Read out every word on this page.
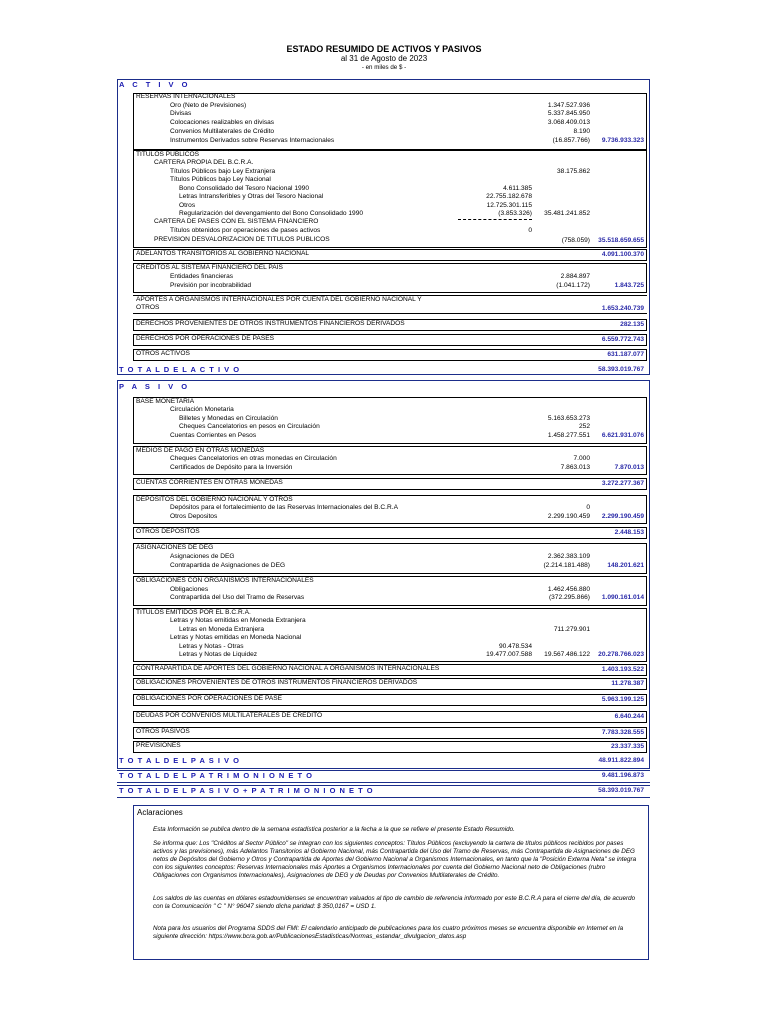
ESTADO RESUMIDO DE ACTIVOS Y PASIVOS
al 31 de Agosto de 2023
- en miles de $ -
A C T I V O
RESERVAS INTERNACIONALES
Oro (Neto de Previsiones)	1.347.527.936
Divisas	5.337.845.950
Colocaciones realizables en divisas	3.068.409.013
Convenios Multilaterales de Crédito	8.190
Instrumentos Derivados sobre Reservas Internacionales	(16.857.766)	9.736.933.323
TITULOS PUBLICOS
CARTERA PROPIA DEL B.C.R.A.
Títulos Públicos bajo Ley Extranjera	38.175.862
Títulos Públicos bajo Ley Nacional
Bono Consolidado del Tesoro Nacional 1990	4.611.385
Letras Intransferibles y Otras del Tesoro Nacional	22.755.182.678
Otros	12.725.301.115
Regularización del devengamiento del Bono Consolidado 1990	(3.853.326)	35.481.241.852
CARTERA DE PASES CON EL SISTEMA FINANCIERO
Títulos obtenidos por operaciones de pases activos	0
PREVISION DESVALORIZACION DE TITULOS PUBLICOS	(758.059)	35.518.659.655
ADELANTOS TRANSITORIOS AL GOBIERNO NACIONAL	4.091.100.370
CREDITOS AL SISTEMA FINANCIERO DEL PAIS
Entidades financieras	2.884.897
Previsión por incobrabilidad	(1.041.172)	1.843.725
APORTES A ORGANISMOS INTERNACIONALES POR CUENTA DEL GOBIERNO NACIONAL Y
OTROS	1.653.240.739
DERECHOS PROVENIENTES DE OTROS INSTRUMENTOS FINANCIEROS DERIVADOS	282.135
DERECHOS POR OPERACIONES DE PASES	6.559.772.743
OTROS ACTIVOS	631.187.077
T O T A L D E L A C T I V O	58.393.019.767
P A S I V O
BASE MONETARIA
Circulación Monetaria
Billetes y Monedas en Circulación	5.163.653.273
Cheques Cancelatorios en pesos en Circulación	252
Cuentas Corrientes en Pesos	1.458.277.551	6.621.931.076
MEDIOS DE PAGO EN OTRAS MONEDAS
Cheques Cancelatorios en otras monedas en Circulación	7.000
Certificados de Depósito para la Inversión	7.863.013	7.870.013
CUENTAS CORRIENTES EN OTRAS MONEDAS	3.272.277.367
DEPOSITOS DEL GOBIERNO NACIONAL Y OTROS
Depósitos para el fortalecimiento de las Reservas Internacionales del B.C.R.A	0
Otros Depositos	2.299.190.459	2.299.190.459
OTROS DEPOSITOS	2.448.153
ASIGNACIONES DE DEG
Asignaciones de DEG	2.362.383.109
Contrapartida de Asignaciones de DEG	(2.214.181.488)	148.201.621
OBLIGACIONES CON ORGANISMOS INTERNACIONALES
Obligaciones	1.462.456.880
Contrapartida del Uso del Tramo de Reservas	(372.295.866)	1.090.161.014
TITULOS EMITIDOS POR EL B.C.R.A.
Letras y Notas emitidas en Moneda Extranjera
Letras en Moneda Extranjera	711.279.901
Letras y Notas emitidas en Moneda Nacional
Letras y Notas - Otras	90.478.534
Letras y Notas de Liquidez	19.477.007.588	19.567.486.122	20.278.766.023
CONTRAPARTIDA DE APORTES DEL GOBIERNO NACIONAL A ORGANISMOS INTERNACIONALES	1.403.193.522
OBLIGACIONES PROVENIENTES DE OTROS INSTRUMENTOS FINANCIEROS DERIVADOS	11.278.387
OBLIGACIONES POR OPERACIONES DE PASE	5.963.199.125
DEUDAS POR CONVENIOS MULTILATERALES DE CREDITO	6.640.244
OTROS PASIVOS	7.783.328.555
PREVISIONES	23.337.335
T O T A L D E L P A S I V O	48.911.822.894
T O T A L D E L P A T R I M O N I O N E T O	9.481.196.873
T O T A L D E L P A S I V O + P A T R I M O N I O N E T O	58.393.019.767
Aclaraciones
Esta Información se publica dentro de la semana estadística posterior a la fecha a la que se refiere el presente Estado Resumido.
Se informa que: Los "Créditos al Sector Público" se integran con los siguientes conceptos: Títulos Públicos (excluyendo la cartera de títulos públicos recibidos por pases activos y las previsiones), más Adelantos Transitorios al Gobierno Nacional, más Contrapartida del Uso del Tramo de Reservas, más Contrapartida de Asignaciones de DEG netos de Depósitos del Gobierno y Otros y Contrapartida de Aportes del Gobierno Nacional a Organismos Internacionales, en tanto que la "Posición Externa Neta" se integra con los siguientes conceptos: Reservas Internacionales más Aportes a Organismos Internacionales por cuenta del Gobierno Nacional neto de Obligaciones (rubro Obligaciones con Organismos Internacionales), Asignaciones de DEG y de Deudas por Convenios Multilaterales de Crédito.
Los saldos de las cuentas en dólares estadounidenses se encuentran valuados al tipo de cambio de referencia informado por este B.C.R.A para el cierre del día, de acuerdo con la Comunicación " C " N° 96047 siendo dicha paridad: $ 350,0167 = USD 1.
Nota para los usuarios del Programa SDDS del FMI: El calendario anticipado de publicaciones para los cuatro próximos meses se encuentra disponible en Internet en la siguiente dirección: https://www.bcra.gob.ar/PublicacionesEstadisticas/Normas_estandar_divulgacion_datos.asp
